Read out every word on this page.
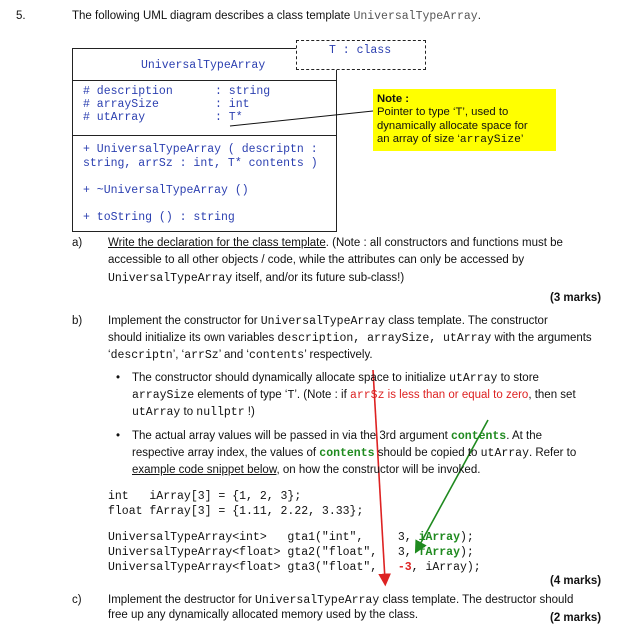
5.	The following UML diagram describes a class template UniversalTypeArray.
UniversalTypeArray
# description	: string
# arraySize	: int
# utArray	: T*
+ UniversalTypeArray ( descriptn :
string, arrSz : int, T* contents )
+ ~UniversalTypeArray ()
+ toString () : string
T : class
Note :
Pointer to type ‘T’, used to
dynamically allocate space for
an array of size ‘arraySize’
a) Write the declaration for the class template. (Note : all constructors and functions must be
accessible to all other objects / code, while the attributes can only be accessed by
UniversalTypeArray itself, and/or its future sub-class!)
(3 marks)
b) Implement the constructor for UniversalTypeArray class template. The constructor
should initialize its own variables description, arraySize, utArray with the arguments
‘descriptn’, ‘arrSz’ and ‘contents’ respectively.
• The constructor should dynamically allocate space to initialize utArray to store
arraySize elements of type ‘T’. (Note : if arrSz is less than or equal to zero, then set
utArray to nullptr !)
• The actual array values will be passed in via the 3rd argument contents. At the
respective array index, the values of contents should be copied to utArray. Refer to
example code snippet below, on how the constructor will be invoked.
int   iArray[3] = {1, 2, 3};
float fArray[3] = {1.11, 2.22, 3.33};
UniversalTypeArray<int>   gta1("int",     3, iArray);
UniversalTypeArray<float> gta2("float",   3, fArray);
UniversalTypeArray<float> gta3("float",   -3, iArray);
(4 marks)
c) Implement the destructor for UniversalTypeArray class template. The destructor should
free up any dynamically allocated memory used by the class.	(2 marks)
